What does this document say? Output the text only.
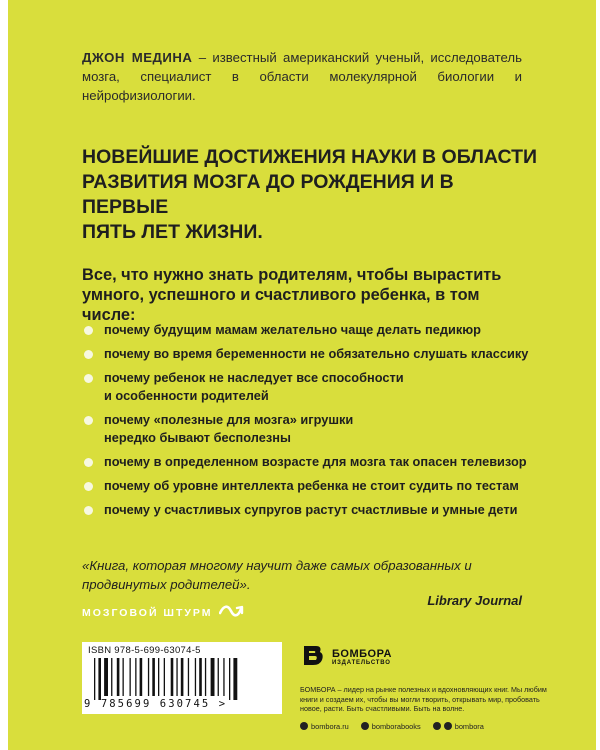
ДЖОН МЕДИНА – известный американский ученый, исследователь мозга, специалист в области молекулярной биологии и нейрофизиологии.
НОВЕЙШИЕ ДОСТИЖЕНИЯ НАУКИ В ОБЛАСТИ
РАЗВИТИЯ МОЗГА ДО РОЖДЕНИЯ И В ПЕРВЫЕ
ПЯТЬ ЛЕТ ЖИЗНИ.
Все, что нужно знать родителям, чтобы вырастить
умного, успешного и счастливого ребенка, в том
числе:
почему будущим мамам желательно чаще делать педикюр
почему во время беременности не обязательно слушать классику
почему ребенок не наследует все способности
и особенности родителей
почему «полезные для мозга» игрушки
нередко бывают бесполезны
почему в определенном возрасте для мозга так опасен телевизор
почему об уровне интеллекта ребенка не стоит судить по тестам
почему у счастливых супругов растут счастливые и умные дети
«Книга, которая многому научит даже самых образованных и продвинутых родителей».
Library Journal
МОЗГОВОЙ ШТУРМ
ISBN 978-5-699-63074-5
9 785699 630745 >
БОМБОРА
ИЗДАТЕЛЬСТВО
БОМБОРА – лидер на рынке полезных и вдохновляющих книг. Мы любим книги и создаем их, чтобы вы могли творить, открывать мир, пробовать новое, расти. Быть счастливыми. Быть на волне.
bombora.ru	bomborabooks	bombora
